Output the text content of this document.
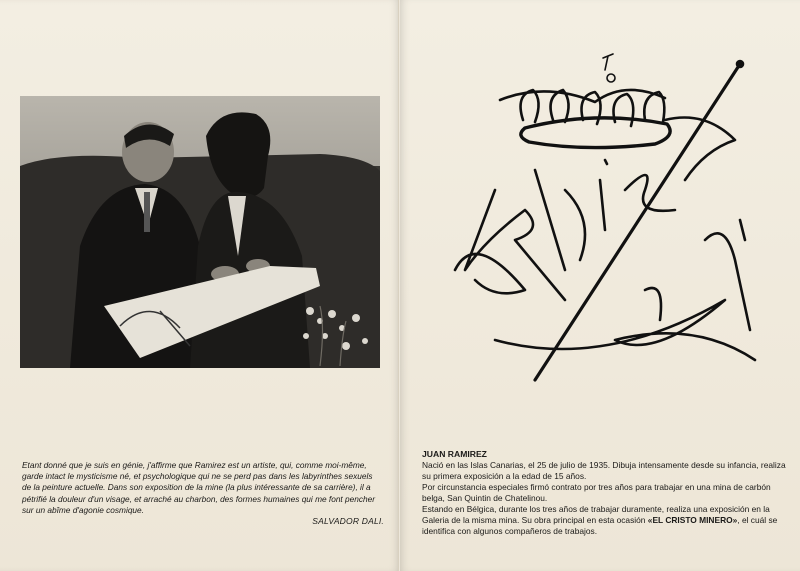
Etant donné que je suis en génie, j'affirme que Ramirez est un artiste, qui, comme moi-même, garde intact le mysticisme né, et psychologique qui ne se perd pas dans les labyrinthes sexuels de la peinture actuelle. Dans son exposition de la mine (la plus intéressante de sa carrière), il a pétrifié la douleur d'un visage, et arraché au charbon, des formes humaines qui me font pencher sur un abîme d'agonie cosmique.

SALVADOR DALI.
JUAN RAMIREZ

Nació en las Islas Canarias, el 25 de julio de 1935. Dibuja intensamente desde su infancia, realiza su primera exposición a la edad de 15 años.

Por circunstancia especiales firmó contrato por tres años para trabajar en una mina de carbón belga, San Quintin de Chatelinou.

Estando en Bélgica, durante los tres años de trabajar duramente, realiza una exposición en la Galeria de la misma mina. Su obra principal en esta ocasión «EL CRISTO MINERO», el cuál se identifica con algunos compañeros de trabajos.
